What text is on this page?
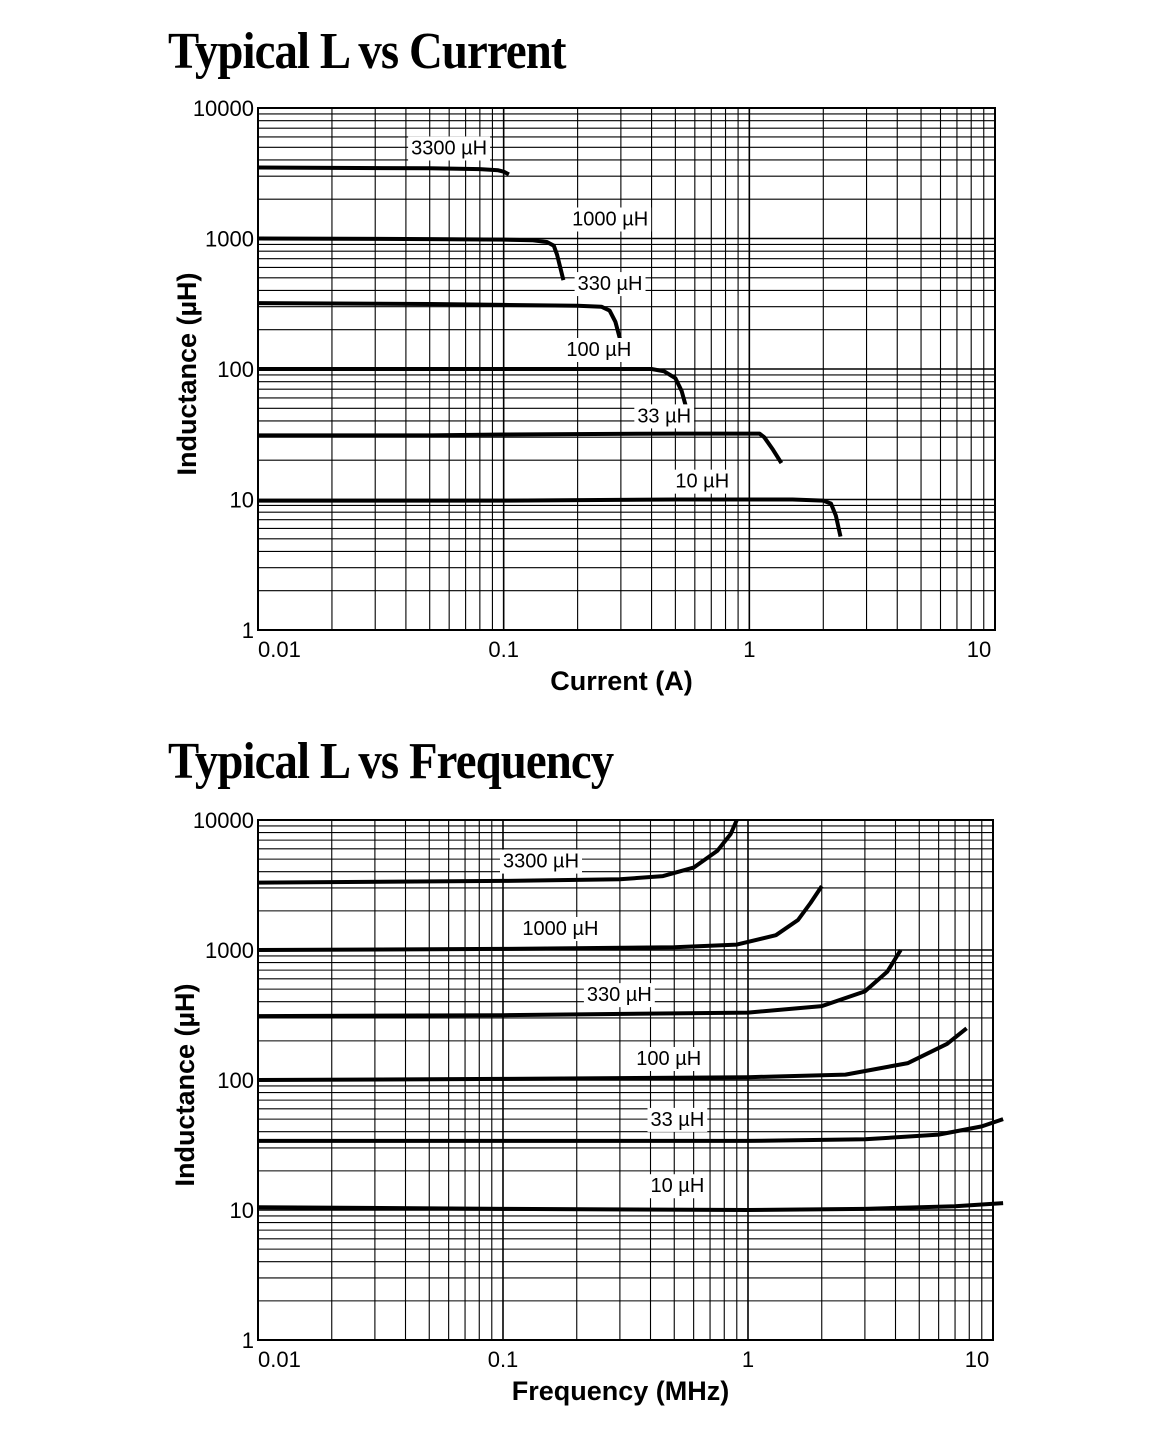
Typical L vs Current
0.01	0.1	1	10
1
10
100
1000
10000
Current (A)
Inductance (µH)
3300 µH
1000 µH
330 µH
100 µH
33 µH
10 µH
Typical L vs Frequency
0.01	0.1	1	10
1
10
100
1000
10000
Frequency (MHz)
Inductance (µH)
3300 µH
1000 µH
330 µH
100 µH
33 µH
10 µH
